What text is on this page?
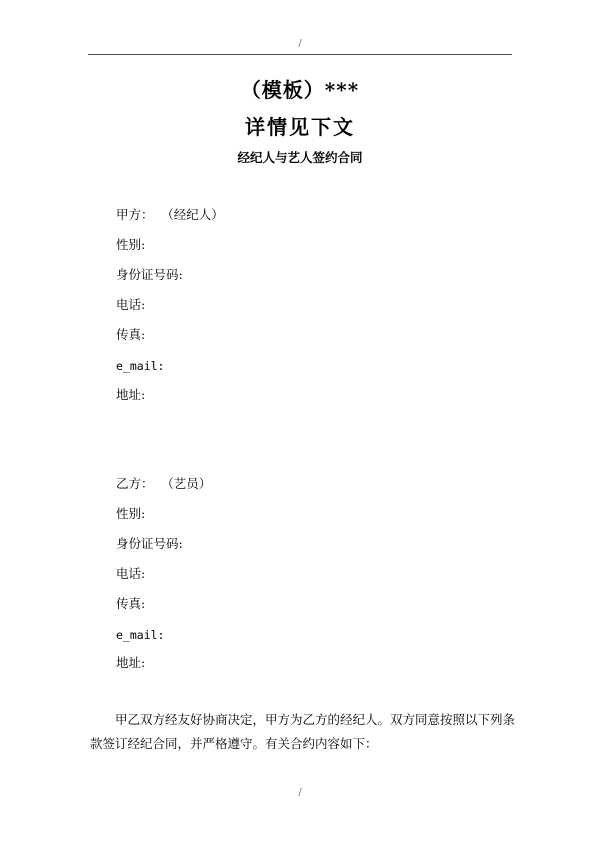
/
（模板）***
详情见下文
经纪人与艺人签约合同
甲方： （经纪人）
性别:
身份证号码:
电话:
传真:
e_mail:
地址:
乙方： （艺员）
性别:
身份证号码:
电话:
传真:
e_mail:
地址:
甲乙双方经友好协商决定，甲方为乙方的经纪人。双方同意按照以下列条
款签订经纪合同，并严格遵守。有关合约内容如下：
/
